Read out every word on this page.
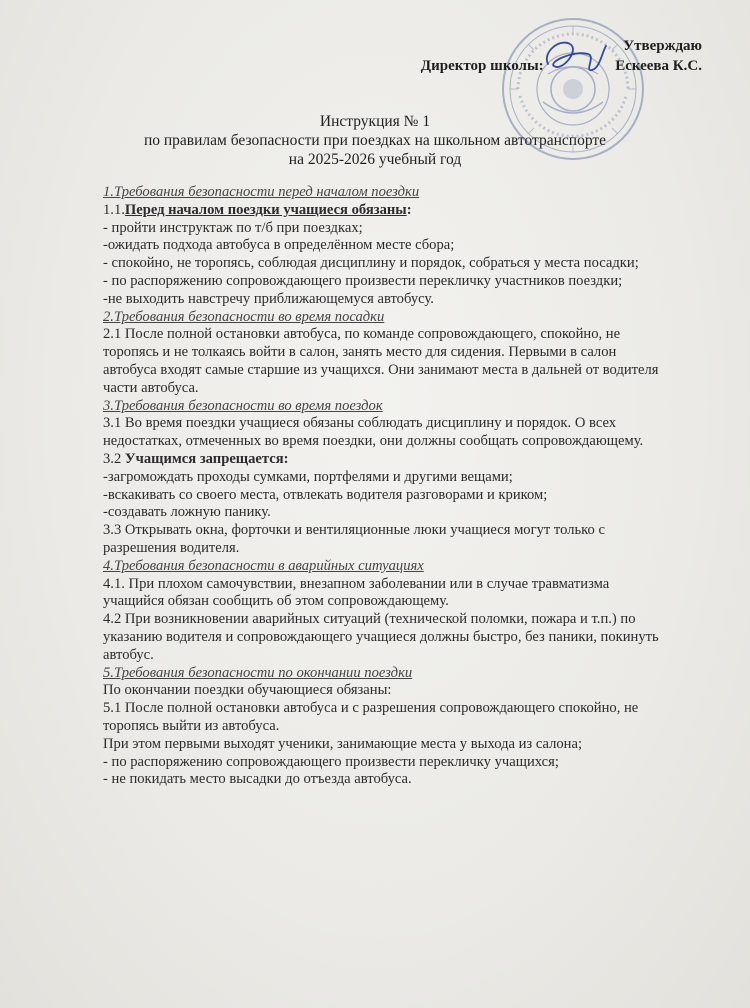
Утверждаю
Директор школы:	Ескеева К.С.
Инструкция № 1
по правилам безопасности при поездках на школьном автотранспорте
на 2025-2026 учебный год
1.Требования безопасности перед началом поездки
1.1.Перед началом поездки учащиеся обязаны:
- пройти инструктаж по т/б при поездках;
-ожидать подхода автобуса в определённом месте сбора;
- спокойно, не торопясь, соблюдая дисциплину и порядок, собраться у места посадки;
- по распоряжению сопровождающего произвести перекличку участников поездки;
-не выходить навстречу приближающемуся автобусу.
2.Требования безопасности во время посадки
2.1 После полной остановки автобуса, по команде сопровождающего, спокойно, не
торопясь и не толкаясь войти в салон, занять место для сидения. Первыми в салон
автобуса входят самые старшие из учащихся. Они занимают места в дальней от водителя
части автобуса.
3.Требования безопасности во время поездок
3.1 Во время поездки учащиеся обязаны соблюдать дисциплину и порядок. О всех
недостатках, отмеченных во время поездки, они должны сообщать сопровождающему.
3.2 Учащимся запрещается:
-загромождать проходы сумками, портфелями и другими вещами;
-вскакивать со своего места, отвлекать водителя разговорами и криком;
-создавать ложную панику.
3.3 Открывать окна, форточки и вентиляционные люки учащиеся могут только с
разрешения водителя.
4.Требования безопасности в аварийных ситуациях
4.1. При плохом самочувствии, внезапном заболевании или в случае травматизма
учащийся обязан сообщить об этом сопровождающему.
4.2 При возникновении аварийных ситуаций (технической поломки, пожара и т.п.) по
указанию водителя и сопровождающего учащиеся должны быстро, без паники, покинуть
автобус.
5.Требования безопасности по окончании поездки
По окончании поездки обучающиеся обязаны:
5.1 После полной остановки автобуса и с разрешения сопровождающего спокойно, не
торопясь выйти из автобуса.
При этом первыми выходят ученики, занимающие места у выхода из салона;
- по распоряжению сопровождающего произвести перекличку учащихся;
- не покидать место высадки до отъезда автобуса.
